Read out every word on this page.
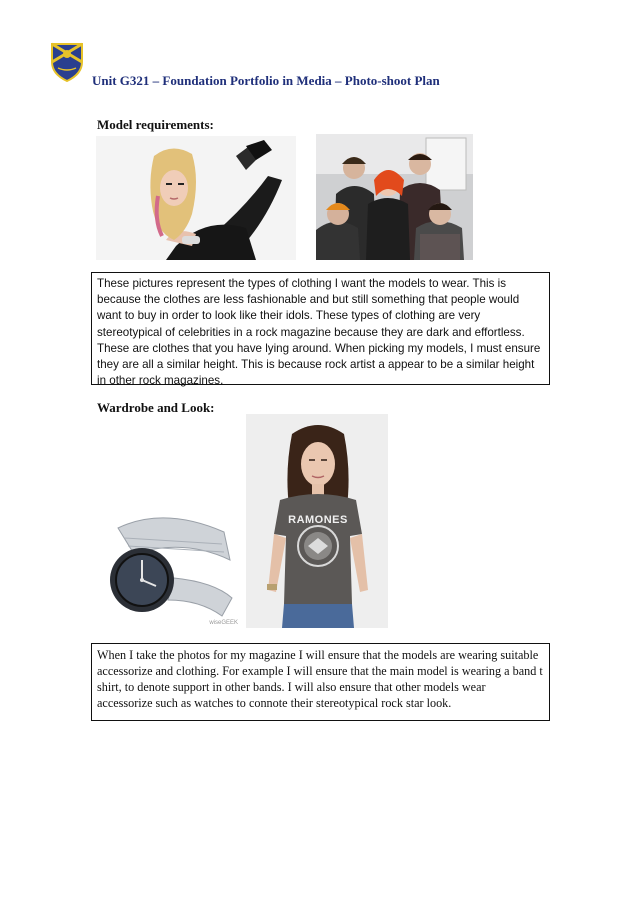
Unit G321 – Foundation Portfolio in Media – Photo-shoot Plan
Model requirements:
These pictures represent the types of clothing I want the models to wear. This is because the clothes are less fashionable and but still something that people would want to buy in order to look like their idols. These types of clothing are very stereotypical of celebrities in a rock magazine because they are dark and effortless. These are clothes that you have lying around. When picking my models, I must ensure they are all a similar height. This is because rock artist a appear to be a similar height in other rock magazines.
Wardrobe and Look:
wiseGEEK
RAMONES
When I take the photos for my magazine I will ensure that the models are wearing suitable accessorize and clothing. For example I will ensure that the main model is wearing a band t shirt, to denote support in other bands. I will also ensure that other models wear accessorize such as watches to connote their stereotypical rock star look.
